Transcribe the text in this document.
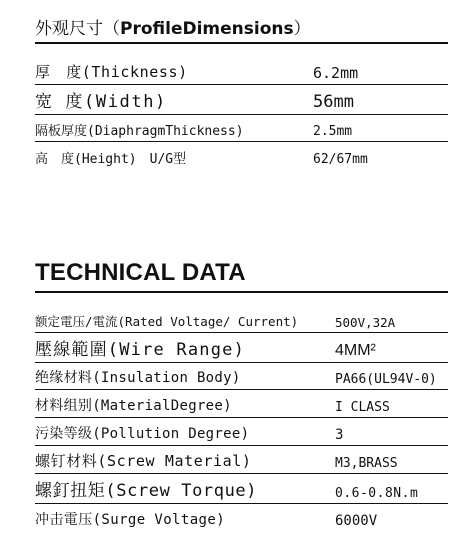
外观尺寸（ProfileDimensions）
厚　度(Thickness)	6.2mm
宽 度(Width)	56mm
隔板厚度(DiaphragmThickness)	2.5mm
高　度(Height)　U/G型	62/67mm
TECHNICAL DATA
额定電压/電流(Rated Voltage/ Current)	500V,32A
壓線範圍(Wire Range)	4MM²
绝缘材料(Insulation Body)	PA66(UL94V-0)
材料组别(MaterialDegree)	I CLASS
污染等级(Pollution Degree)	3
螺钉材料(Screw Material)	M3,BRASS
螺釘扭矩(Screw Torque)	0.6-0.8N.m
冲击電压(Surge Voltage)	6000V
